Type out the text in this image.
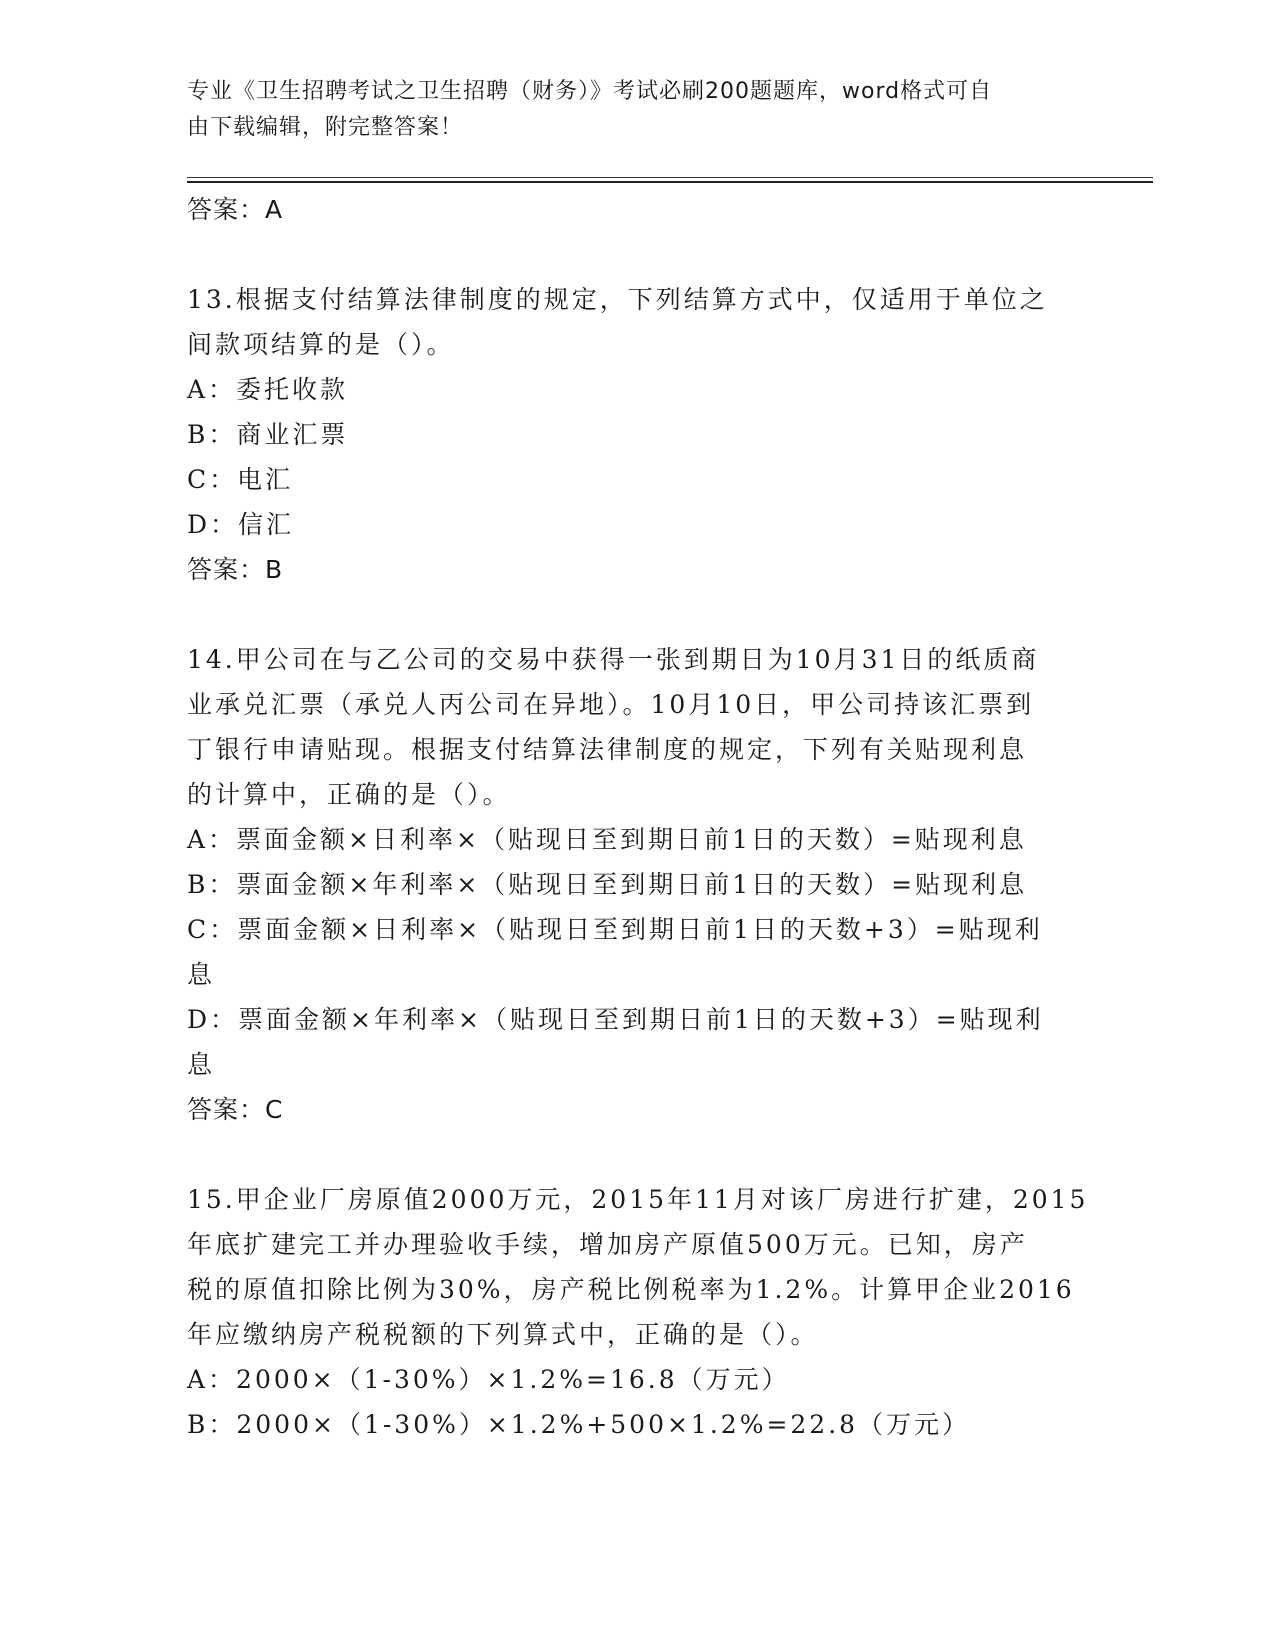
专业《卫生招聘考试之卫生招聘（财务）》考试必刷200题题库，word格式可自
由下载编辑，附完整答案！
答案：A
13.根据支付结算法律制度的规定，下列结算方式中，仅适用于单位之
间款项结算的是（）。
A：委托收款
B：商业汇票
C：电汇
D：信汇
答案：B
14.甲公司在与乙公司的交易中获得一张到期日为10月31日的纸质商
业承兑汇票（承兑人丙公司在异地）。10月10日，甲公司持该汇票到
丁银行申请贴现。根据支付结算法律制度的规定，下列有关贴现利息
的计算中，正确的是（）。
A：票面金额×日利率×（贴现日至到期日前1日的天数）=贴现利息
B：票面金额×年利率×（贴现日至到期日前1日的天数）=贴现利息
C：票面金额×日利率×（贴现日至到期日前1日的天数+3）=贴现利
息
D：票面金额×年利率×（贴现日至到期日前1日的天数+3）=贴现利
息
答案：C
15.甲企业厂房原值2000万元，2015年11月对该厂房进行扩建，2015
年底扩建完工并办理验收手续，增加房产原值500万元。已知，房产
税的原值扣除比例为30%，房产税比例税率为1.2%。计算甲企业2016
年应缴纳房产税税额的下列算式中，正确的是（）。
A：2000×（1-30%）×1.2%=16.8（万元）
B：2000×（1-30%）×1.2%+500×1.2%=22.8（万元）
